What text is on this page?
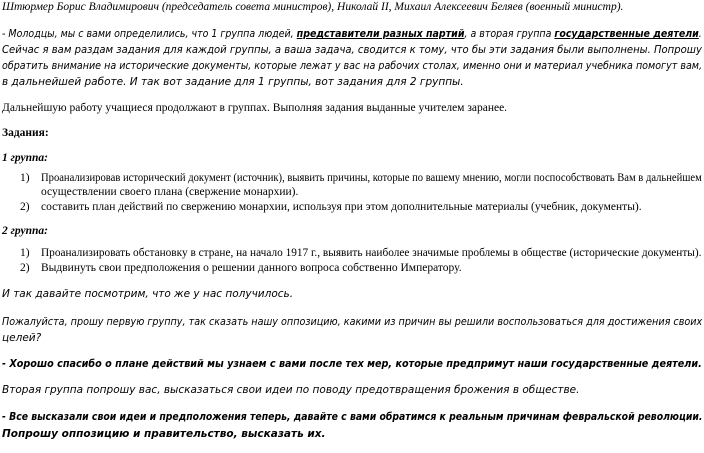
Штюрмер Борис Владимирович (председатель совета министров), Николай II, Михаил Алексеевич Беляев (военный министр).
- Молодцы, мы с вами определились, что 1 группа людей, представители разных партий, а вторая группа государственные деятели.
Сейчас я вам раздам задания для каждой группы, а ваша задача, сводится к тому, что бы эти задания были выполнены. Попрошу
обратить внимание на исторические документы, которые лежат у вас на рабочих столах, именно они и материал учебника помогут вам,
в дальнейшей работе. И так вот задание для 1 группы, вот задания для 2 группы.
Дальнейшую работу учащиеся продолжают в группах. Выполняя задания выданные учителем заранее.
Задания:
1 группа:
1) Проанализировав исторический документ (источник), выявить причины, которые по вашему мнению, могли поспособствовать Вам в дальнейшем
осуществлении своего плана (свержение монархии).
2) составить план действий по свержению монархии, используя при этом дополнительные материалы (учебник, документы).
2 группа:
1) Проанализировать обстановку в стране, на начало 1917 г., выявить наиболее значимые проблемы в обществе (исторические документы).
2) Выдвинуть свои предположения о решении данного вопроса собственно Императору.
И так давайте посмотрим, что же у нас получилось.
Пожалуйста, прошу первую группу, так сказать нашу оппозицию, какими из причин вы решили воспользоваться для достижения своих
целей?
- Хорошо спасибо о плане действий мы узнаем с вами после тех мер, которые предпримут наши государственные деятели.
Вторая группа попрошу вас, высказаться свои идеи по поводу предотвращения брожения в обществе.
- Все высказали свои идеи и предположения теперь, давайте с вами обратимся к реальным причинам февральской революции.
Попрошу оппозицию и правительство, высказать их.
